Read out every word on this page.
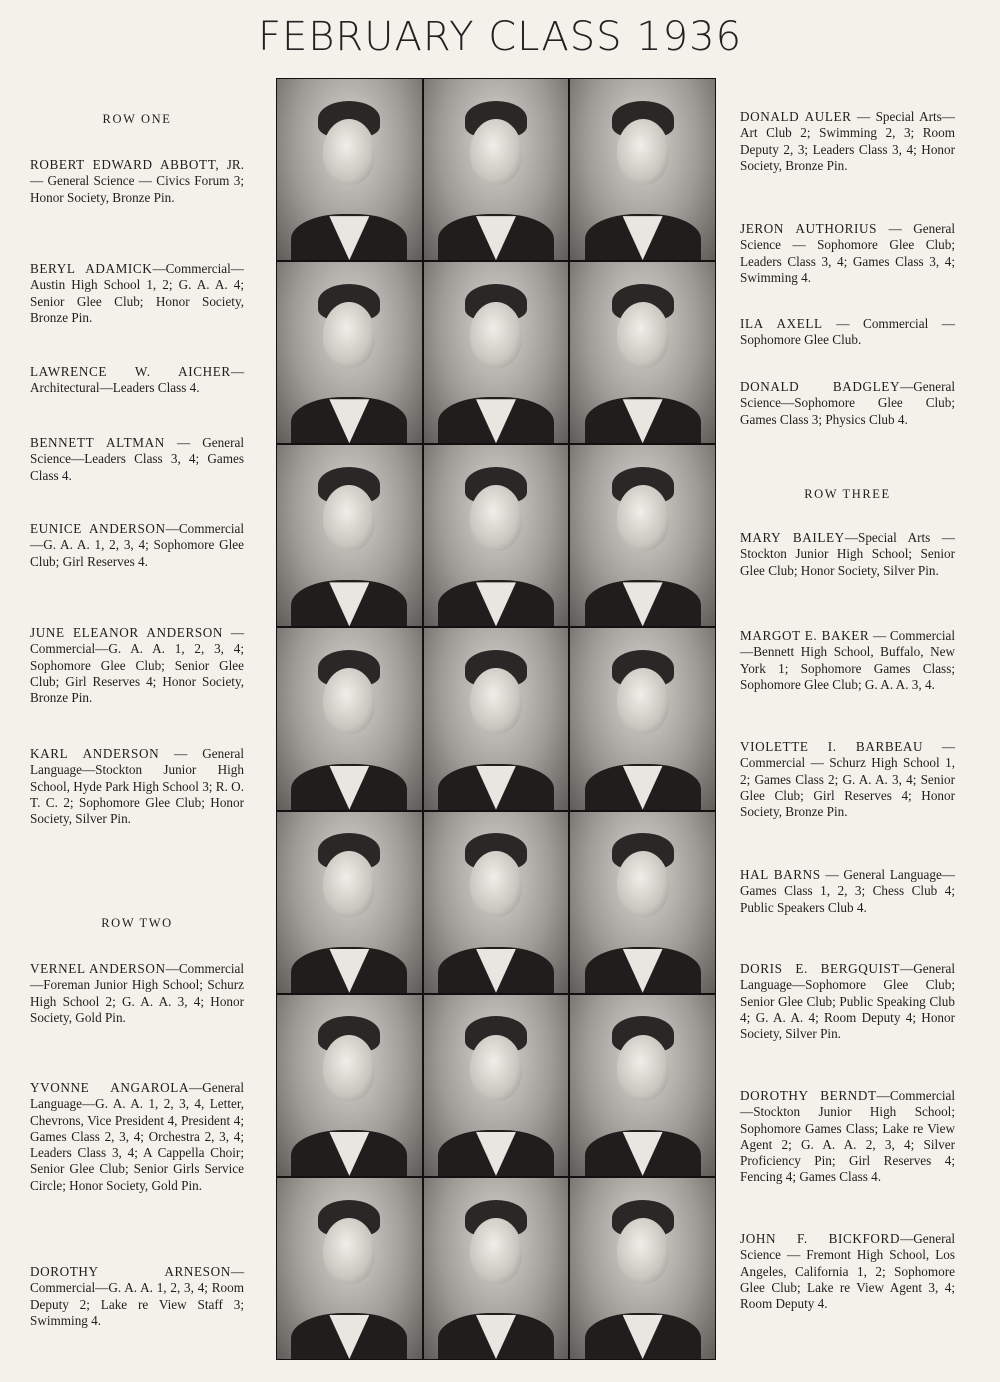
FEBRUARY CLASS 1936
ROW ONE
ROBERT EDWARD ABBOTT, JR. — General Science — Civics Forum 3; Honor Society, Bronze Pin.
BERYL ADAMICK—Commercial—Austin High School 1, 2; G. A. A. 4; Senior Glee Club; Honor Society, Bronze Pin.
LAWRENCE W. AICHER—Architectural—Leaders Class 4.
BENNETT ALTMAN — General Science—Leaders Class 3, 4; Games Class 4.
EUNICE ANDERSON—Commercial—G. A. A. 1, 2, 3, 4; Sophomore Glee Club; Girl Reserves 4.
JUNE ELEANOR ANDERSON —Commercial—G. A. A. 1, 2, 3, 4; Sophomore Glee Club; Senior Glee Club; Girl Reserves 4; Honor Society, Bronze Pin.
KARL ANDERSON — General Language—Stockton Junior High School, Hyde Park High School 3; R. O. T. C. 2; Sophomore Glee Club; Honor Society, Silver Pin.
ROW TWO
VERNEL ANDERSON—Commercial—Foreman Junior High School; Schurz High School 2; G. A. A. 3, 4; Honor Society, Gold Pin.
YVONNE ANGAROLA—General Language—G. A. A. 1, 2, 3, 4, Letter, Chevrons, Vice President 4, President 4; Games Class 2, 3, 4; Orchestra 2, 3, 4; Leaders Class 3, 4; A Cappella Choir; Senior Glee Club; Senior Girls Service Circle; Honor Society, Gold Pin.
DOROTHY ARNESON—Commercial—G. A. A. 1, 2, 3, 4; Room Deputy 2; Lake re View Staff 3; Swimming 4.
DONALD AULER — Special Arts—Art Club 2; Swimming 2, 3; Room Deputy 2, 3; Leaders Class 3, 4; Honor Society, Bronze Pin.
JERON AUTHORIUS — General Science — Sophomore Glee Club; Leaders Class 3, 4; Games Class 3, 4; Swimming 4.
ILA AXELL — Commercial — Sophomore Glee Club.
DONALD BADGLEY—General Science—Sophomore Glee Club; Games Class 3; Physics Club 4.
ROW THREE
MARY BAILEY—Special Arts —Stockton Junior High School; Senior Glee Club; Honor Society, Silver Pin.
MARGOT E. BAKER — Commercial—Bennett High School, Buffalo, New York 1; Sophomore Games Class; Sophomore Glee Club; G. A. A. 3, 4.
VIOLETTE I. BARBEAU — Commercial — Schurz High School 1, 2; Games Class 2; G. A. A. 3, 4; Senior Glee Club; Girl Reserves 4; Honor Society, Bronze Pin.
HAL BARNS — General Language—Games Class 1, 2, 3; Chess Club 4; Public Speakers Club 4.
DORIS E. BERGQUIST—General Language—Sophomore Glee Club; Senior Glee Club; Public Speaking Club 4; G. A. A. 4; Room Deputy 4; Honor Society, Silver Pin.
DOROTHY BERNDT—Commercial—Stockton Junior High School; Sophomore Games Class; Lake re View Agent 2; G. A. A. 2, 3, 4; Silver Proficiency Pin; Girl Reserves 4; Fencing 4; Games Class 4.
JOHN F. BICKFORD—General Science — Fremont High School, Los Angeles, California 1, 2; Sophomore Glee Club; Lake re View Agent 3, 4; Room Deputy 4.
